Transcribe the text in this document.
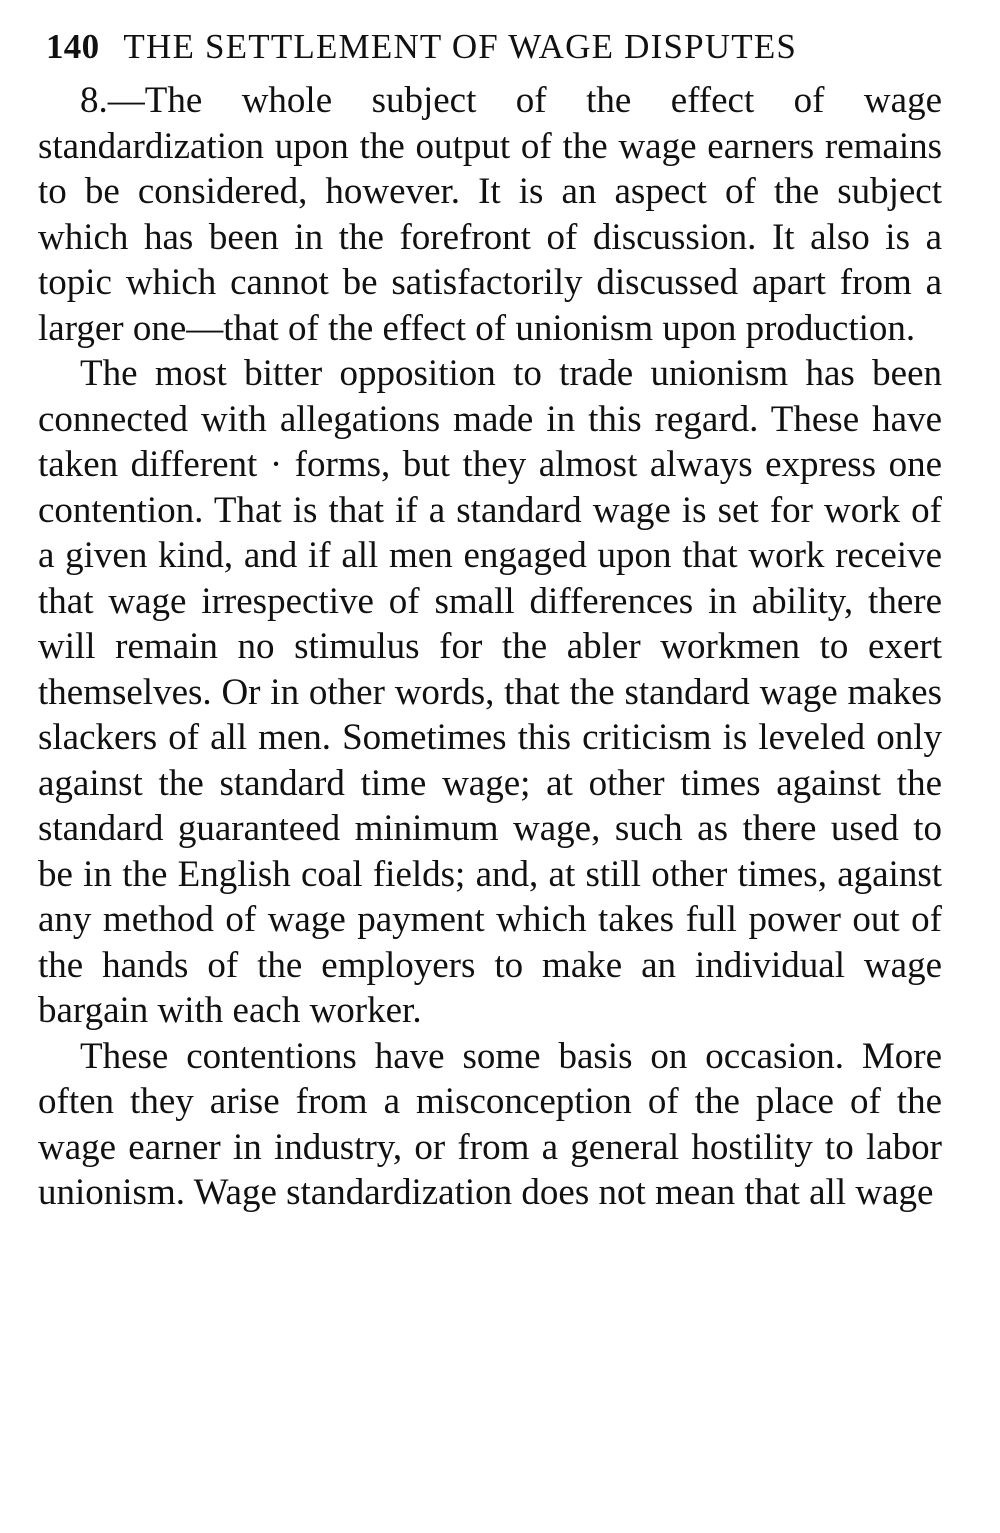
140 THE SETTLEMENT OF WAGE DISPUTES

8.—The whole subject of the effect of wage standardization upon the output of the wage earners remains to be considered, however. It is an aspect of the subject which has been in the forefront of discussion. It also is a topic which cannot be satisfactorily discussed apart from a larger one—that of the effect of unionism upon production.

The most bitter opposition to trade unionism has been connected with allegations made in this regard. These have taken different · forms, but they almost always express one contention. That is that if a standard wage is set for work of a given kind, and if all men engaged upon that work receive that wage irrespective of small differences in ability, there will remain no stimulus for the abler workmen to exert themselves. Or in other words, that the standard wage makes slackers of all men. Sometimes this criticism is leveled only against the standard time wage; at other times against the standard guaranteed minimum wage, such as there used to be in the English coal fields; and, at still other times, against any method of wage payment which takes full power out of the hands of the employers to make an individual wage bargain with each worker.

These contentions have some basis on occasion. More often they arise from a misconception of the place of the wage earner in industry, or from a general hostility to labor unionism. Wage standardization does not mean that all wage
